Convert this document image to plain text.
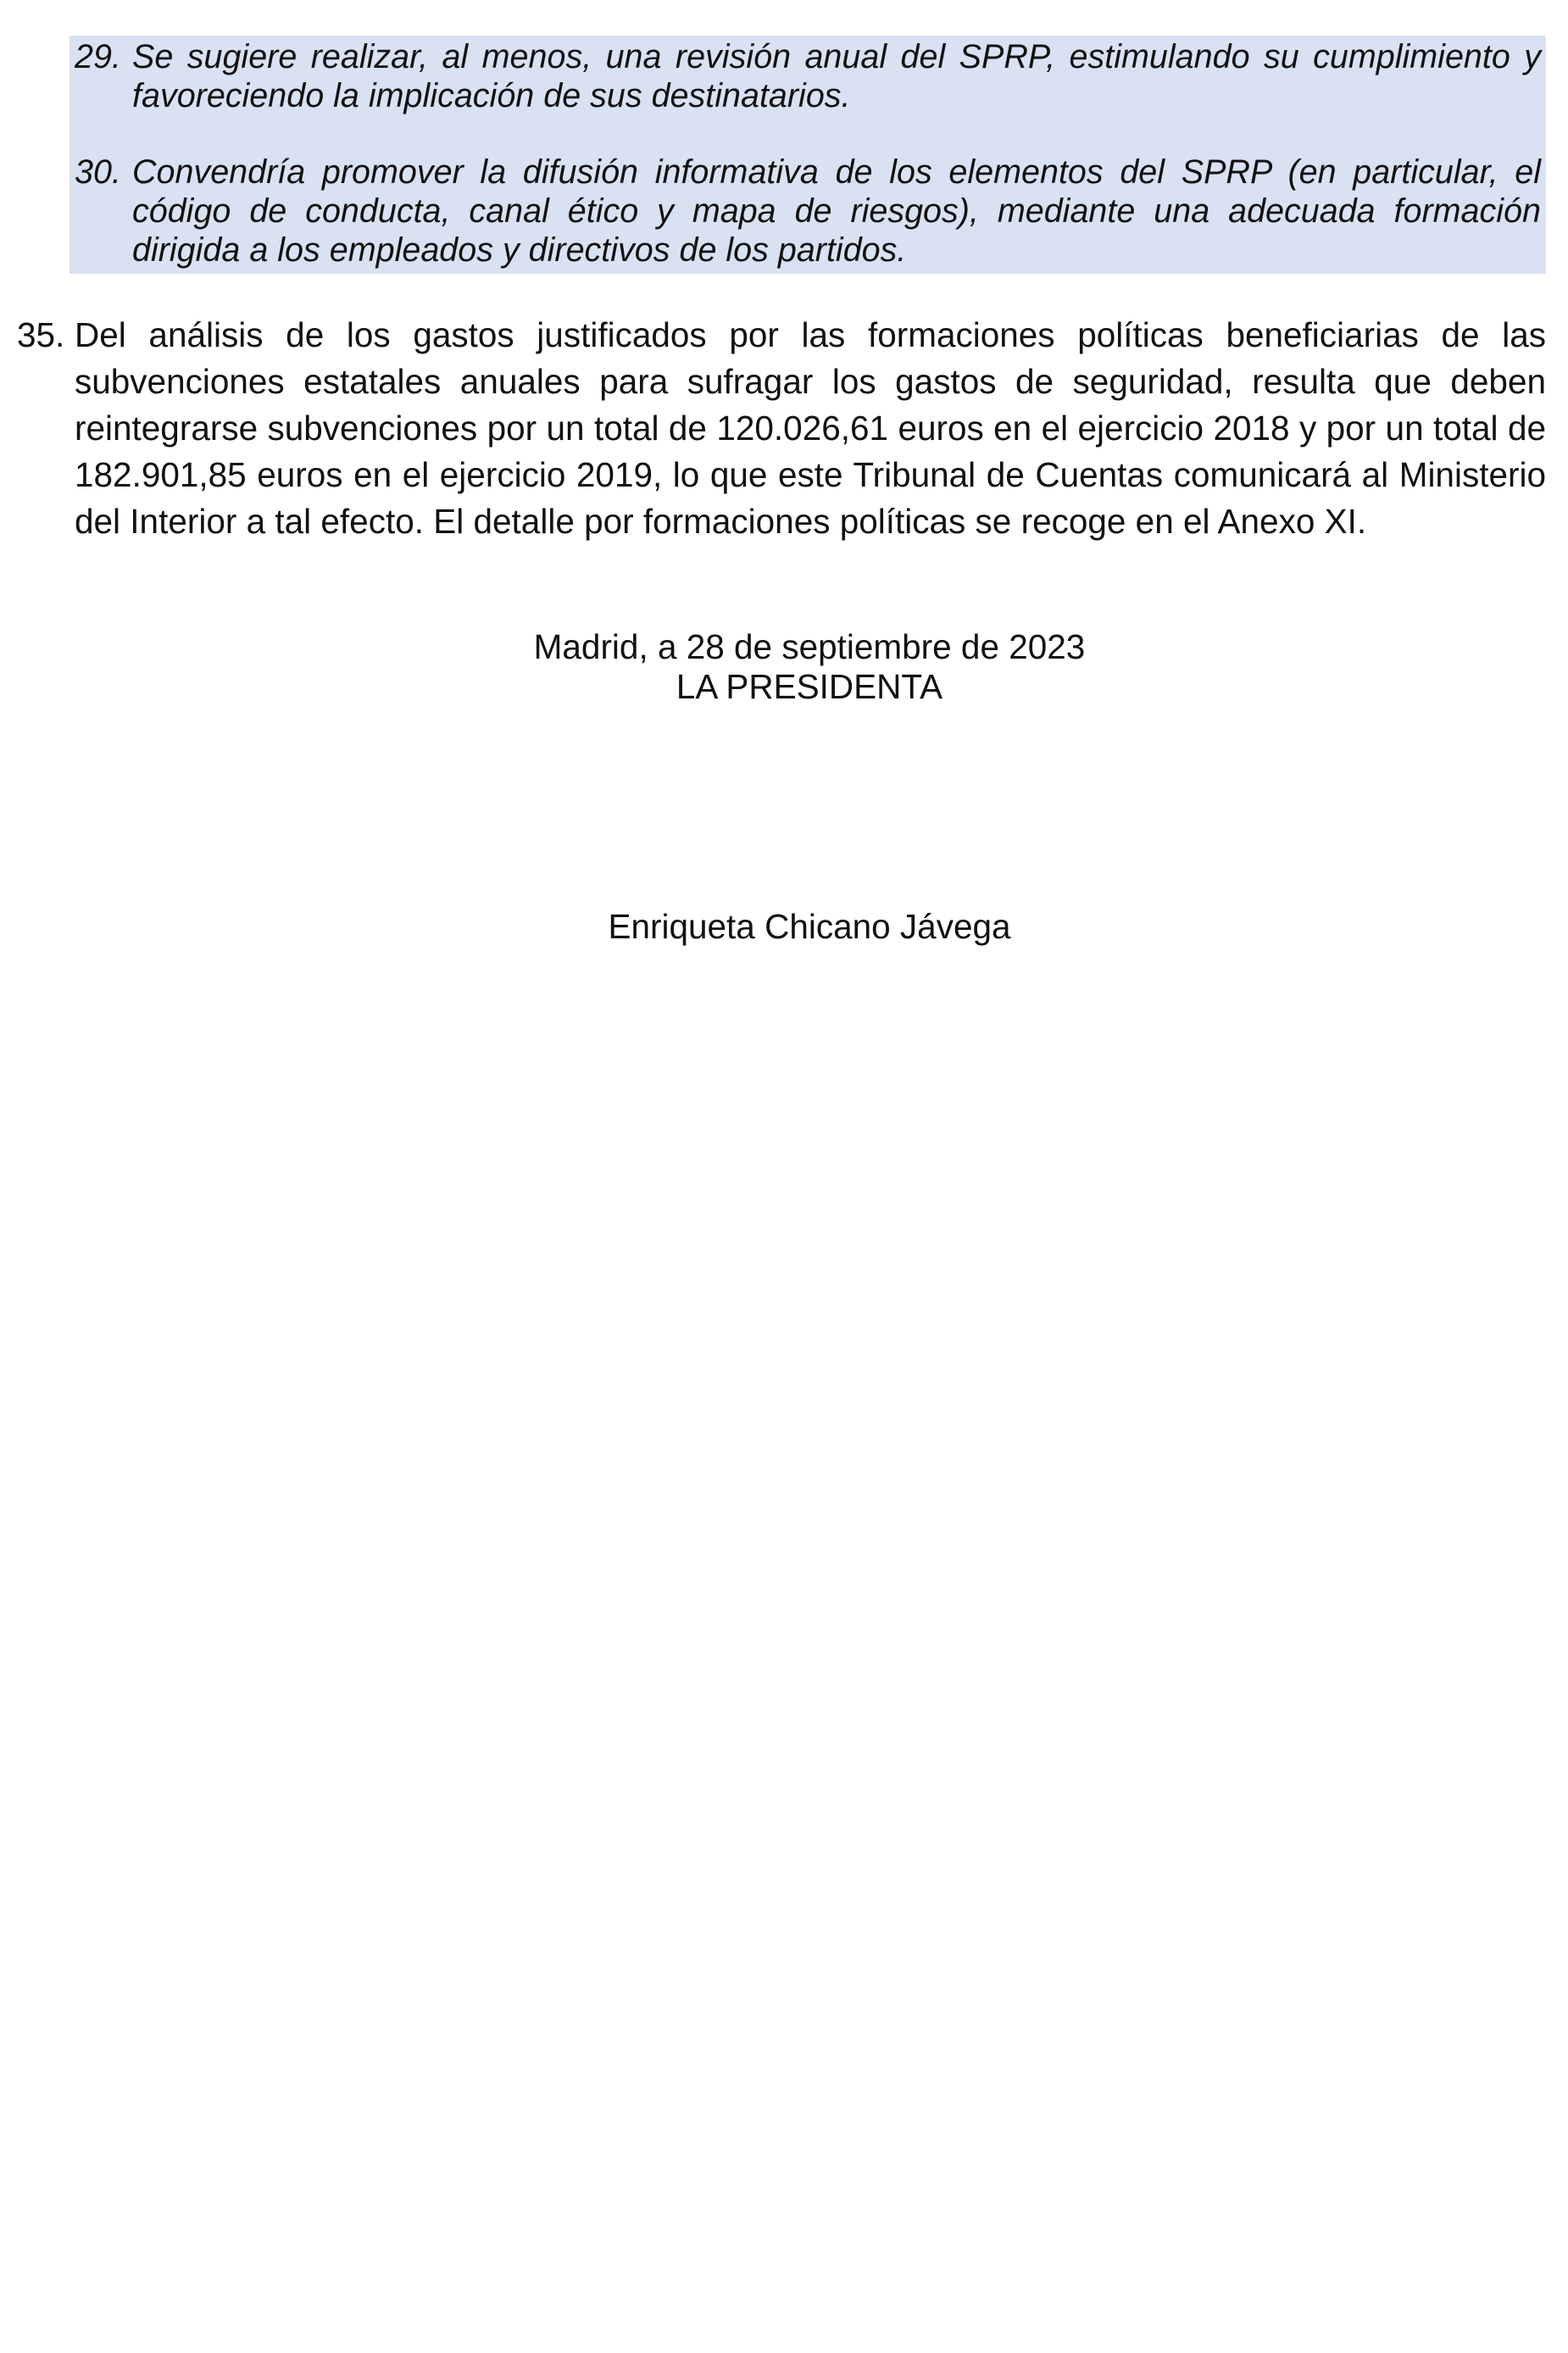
29. Se sugiere realizar, al menos, una revisión anual del SPRP, estimulando su cumplimiento y favoreciendo la implicación de sus destinatarios.
30. Convendría promover la difusión informativa de los elementos del SPRP (en particular, el código de conducta, canal ético y mapa de riesgos), mediante una adecuada formación dirigida a los empleados y directivos de los partidos.
35. Del análisis de los gastos justificados por las formaciones políticas beneficiarias de las subvenciones estatales anuales para sufragar los gastos de seguridad, resulta que deben reintegrarse subvenciones por un total de 120.026,61 euros en el ejercicio 2018 y por un total de 182.901,85 euros en el ejercicio 2019, lo que este Tribunal de Cuentas comunicará al Ministerio del Interior a tal efecto. El detalle por formaciones políticas se recoge en el Anexo XI.
Madrid, a 28 de septiembre de 2023
LA PRESIDENTA
Enriqueta Chicano Jávega
